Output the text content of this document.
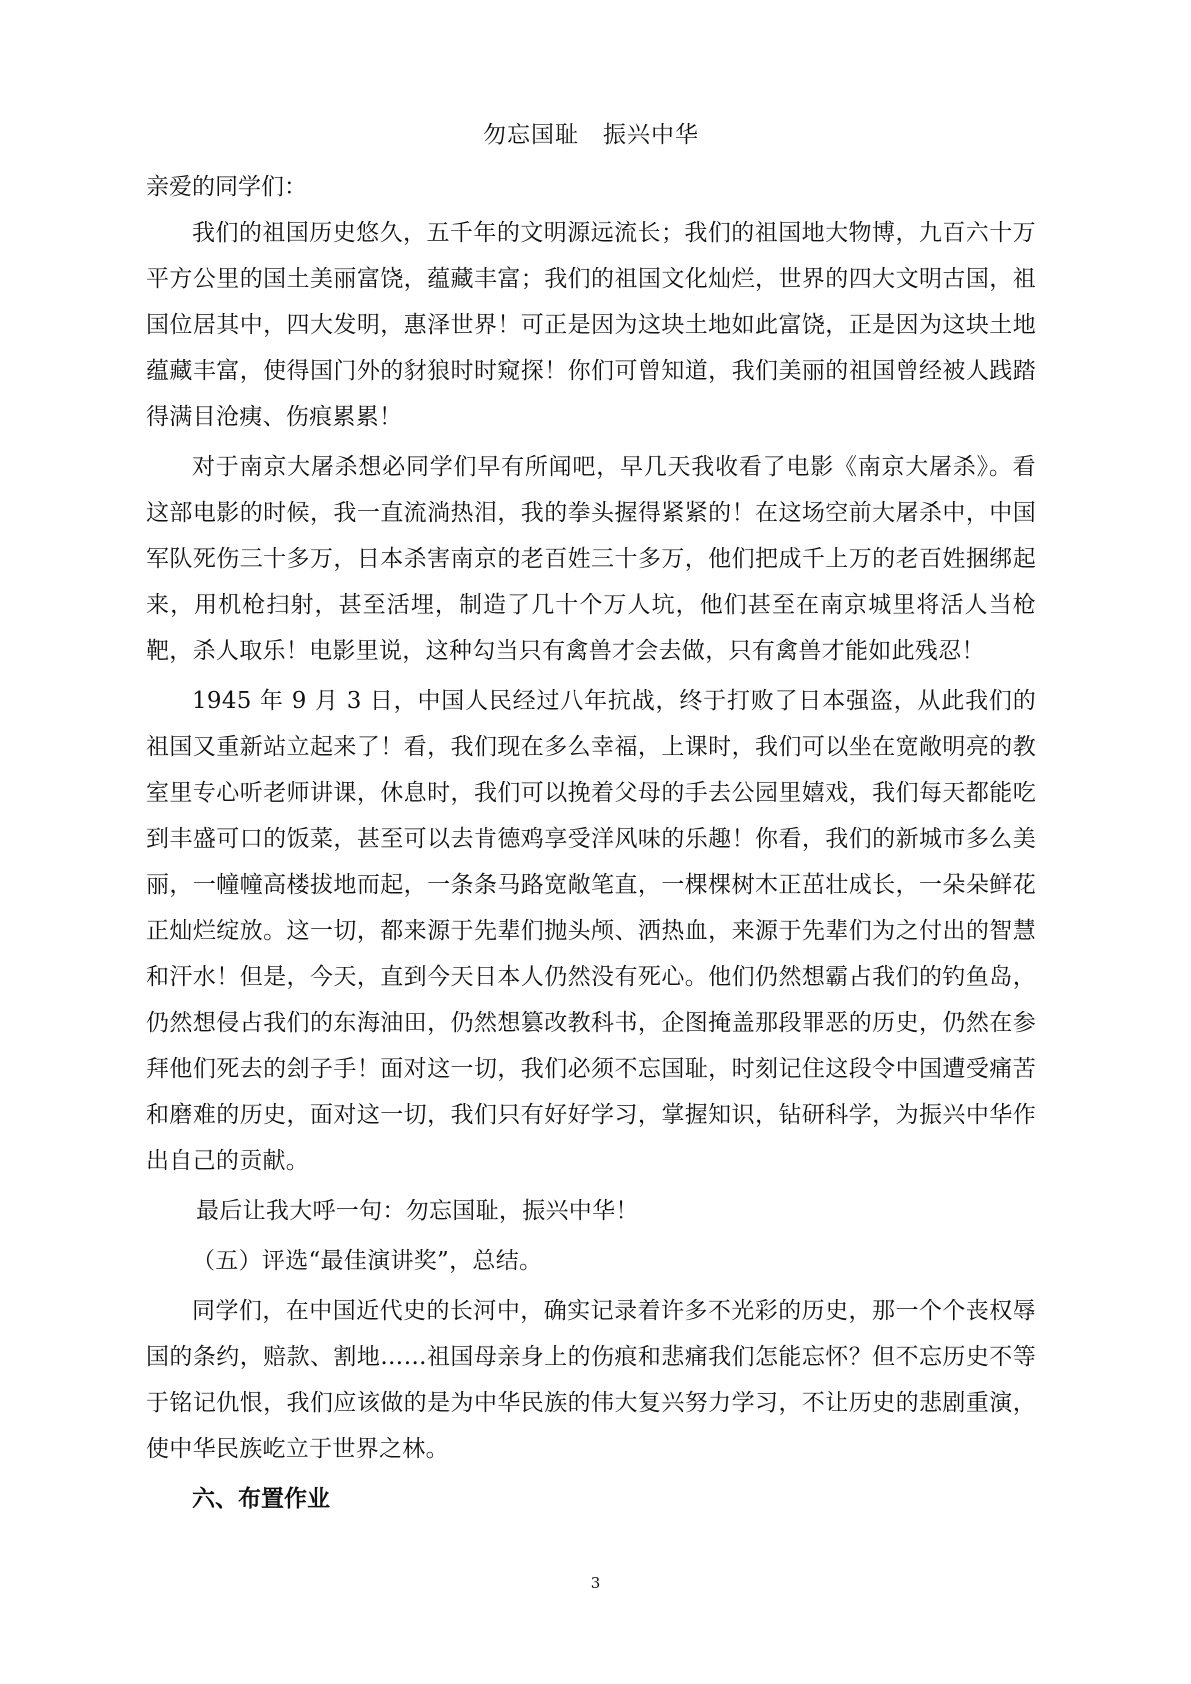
勿忘国耻　振兴中华

亲爱的同学们：

我们的祖国历史悠久，五千年的文明源远流长；我们的祖国地大物博，九百六十万平方公里的国土美丽富饶，蕴藏丰富；我们的祖国文化灿烂，世界的四大文明古国，祖国位居其中，四大发明，惠泽世界！可正是因为这块土地如此富饶，正是因为这块土地蕴藏丰富，使得国门外的豺狼时时窥探！你们可曾知道，我们美丽的祖国曾经被人践踏得满目沧痍、伤痕累累！

对于南京大屠杀想必同学们早有所闻吧，早几天我收看了电影《南京大屠杀》。看这部电影的时候，我一直流淌热泪，我的拳头握得紧紧的！在这场空前大屠杀中，中国军队死伤三十多万，日本杀害南京的老百姓三十多万，他们把成千上万的老百姓捆绑起来，用机枪扫射，甚至活埋，制造了几十个万人坑，他们甚至在南京城里将活人当枪靶，杀人取乐！电影里说，这种勾当只有禽兽才会去做，只有禽兽才能如此残忍！

1945 年 9 月 3 日，中国人民经过八年抗战，终于打败了日本强盗，从此我们的祖国又重新站立起来了！看，我们现在多么幸福，上课时，我们可以坐在宽敞明亮的教室里专心听老师讲课，休息时，我们可以挽着父母的手去公园里嬉戏，我们每天都能吃到丰盛可口的饭菜，甚至可以去肯德鸡享受洋风味的乐趣！你看，我们的新城市多么美丽，一幢幢高楼拔地而起，一条条马路宽敞笔直，一棵棵树木正茁壮成长，一朵朵鲜花正灿烂绽放。这一切，都来源于先辈们抛头颅、洒热血，来源于先辈们为之付出的智慧和汗水！但是，今天，直到今天日本人仍然没有死心。他们仍然想霸占我们的钓鱼岛，仍然想侵占我们的东海油田，仍然想篡改教科书，企图掩盖那段罪恶的历史，仍然在参拜他们死去的刽子手！面对这一切，我们必须不忘国耻，时刻记住这段令中国遭受痛苦和磨难的历史，面对这一切，我们只有好好学习，掌握知识，钻研科学，为振兴中华作出自己的贡献。

最后让我大呼一句：勿忘国耻，振兴中华！

（五）评选“最佳演讲奖”，总结。

同学们，在中国近代史的长河中，确实记录着许多不光彩的历史，那一个个丧权辱国的条约，赔款、割地……祖国母亲身上的伤痕和悲痛我们怎能忘怀？但不忘历史不等于铭记仇恨，我们应该做的是为中华民族的伟大复兴努力学习，不让历史的悲剧重演，使中华民族屹立于世界之林。

六、布置作业

3
